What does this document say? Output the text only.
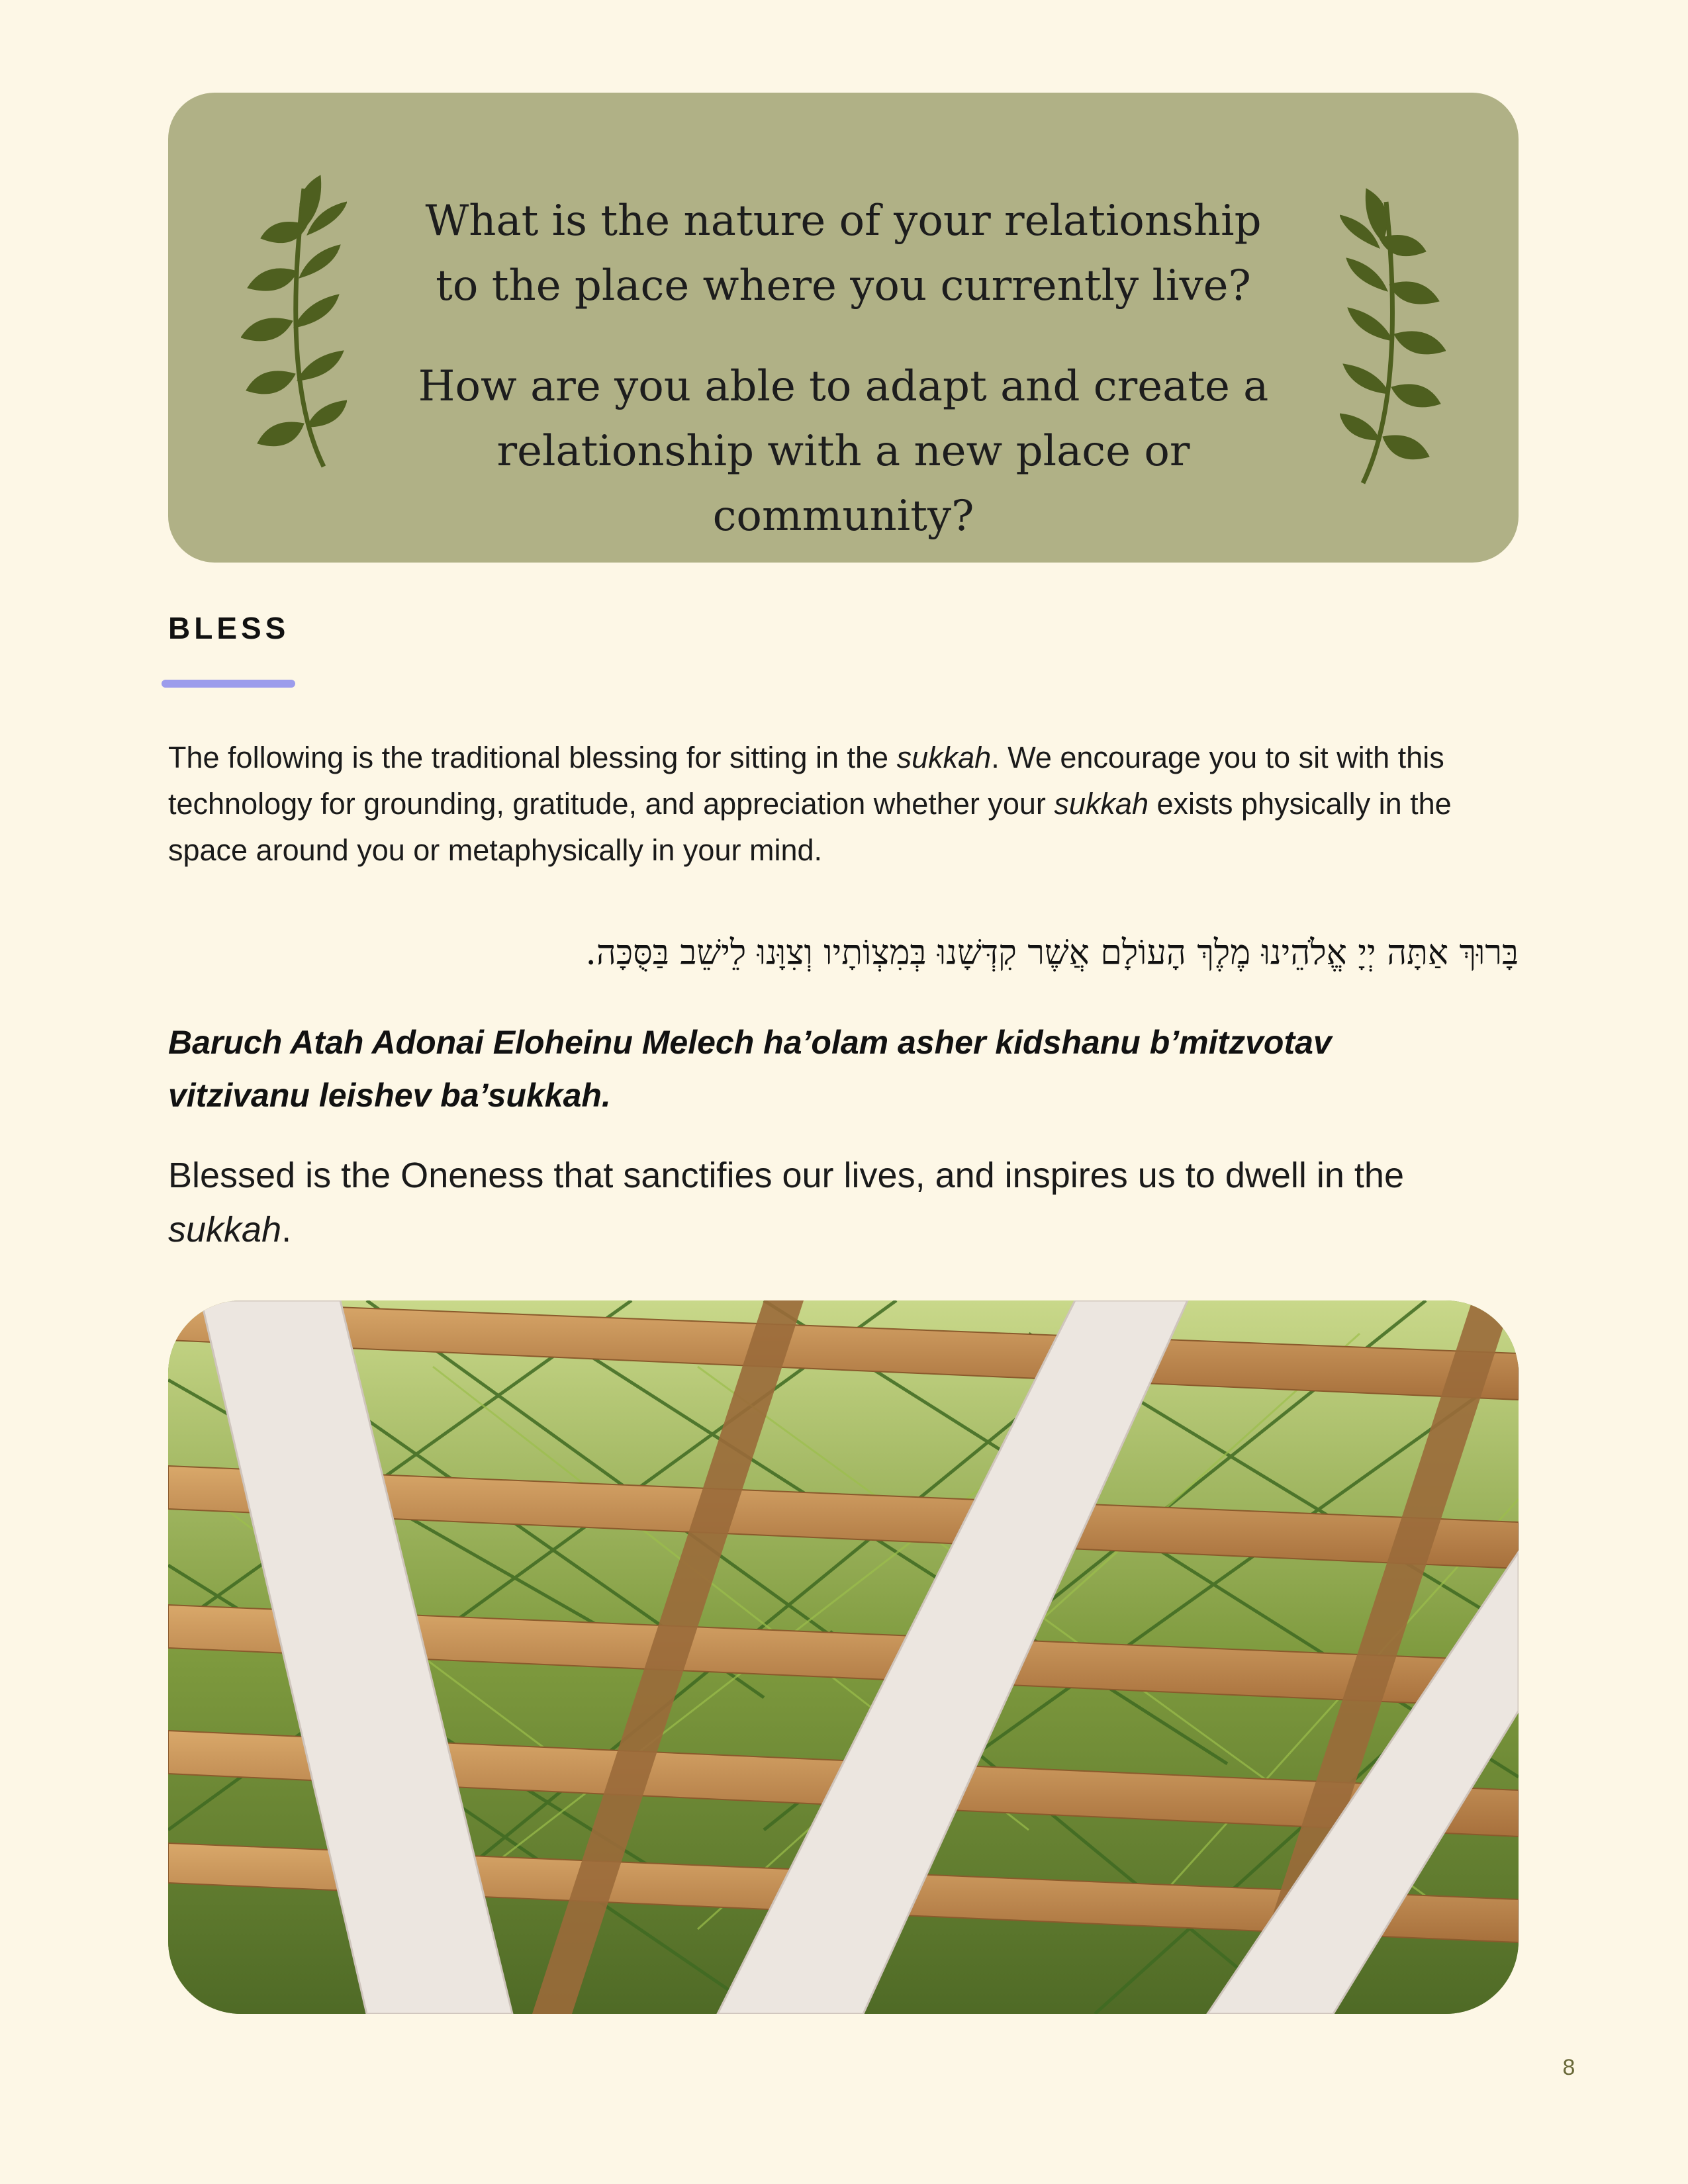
What is the nature of your relationship
to the place where you currently live?
How are you able to adapt and create a
relationship with a new place or community?
BLESS

The following is the traditional blessing for sitting in the sukkah. We encourage you to sit with this technology for grounding, gratitude, and appreciation whether your sukkah exists physically in the space around you or metaphysically in your mind.

בָּרוּךְ אַתָּה יְיָ אֱלֹהֵינוּ מֶלֶךְ הָעוֹלָם אֲשֶׁר קִדְּשָׁנוּ בְּמִצְוֹתָיו וְצִוָּנוּ לֵישֵׁב בַּסֻּכָּה.

Baruch Atah Adonai Eloheinu Melech ha’olam asher kidshanu b’mitzvotav
vitzivanu leishev ba’sukkah.

Blessed is the Oneness that sanctifies our lives, and inspires us to dwell in the sukkah.

8
